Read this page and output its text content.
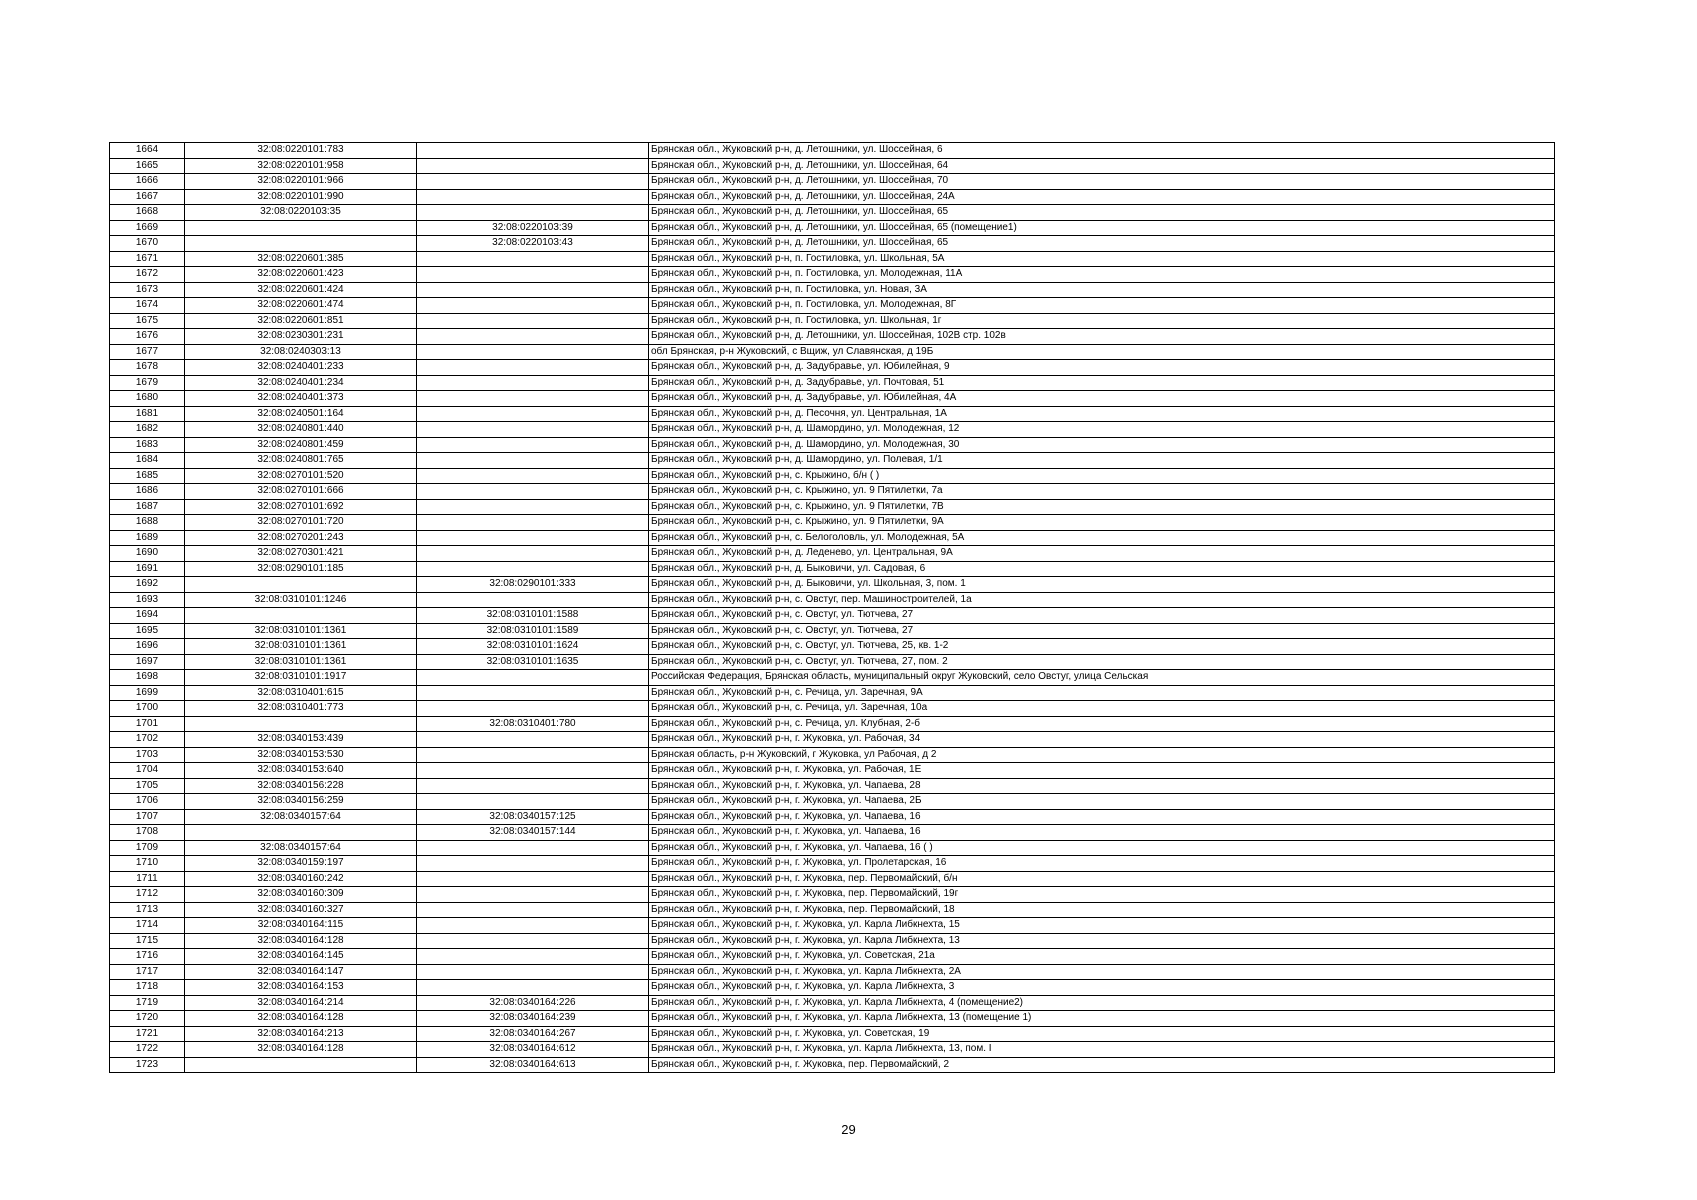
1664	32:08:0220101:783		Брянская обл., Жуковский р-н, д. Летошники, ул. Шоссейная, 6
1665	32:08:0220101:958		Брянская обл., Жуковский р-н, д. Летошники, ул. Шоссейная, 64
1666	32:08:0220101:966		Брянская обл., Жуковский р-н, д. Летошники, ул. Шоссейная, 70
1667	32:08:0220101:990		Брянская обл., Жуковский р-н, д. Летошники, ул. Шоссейная, 24А
1668	32:08:0220103:35		Брянская обл., Жуковский р-н, д. Летошники, ул. Шоссейная, 65
1669		32:08:0220103:39	Брянская обл., Жуковский р-н, д. Летошники, ул. Шоссейная, 65 (помещение1)
1670		32:08:0220103:43	Брянская обл., Жуковский р-н, д. Летошники, ул. Шоссейная, 65
1671	32:08:0220601:385		Брянская обл., Жуковский р-н, п. Гостиловка, ул. Школьная, 5А
1672	32:08:0220601:423		Брянская обл., Жуковский р-н, п. Гостиловка, ул. Молодежная, 11А
1673	32:08:0220601:424		Брянская обл., Жуковский р-н, п. Гостиловка, ул. Новая, 3А
1674	32:08:0220601:474		Брянская обл., Жуковский р-н, п. Гостиловка, ул. Молодежная, 8Г
1675	32:08:0220601:851		Брянская обл., Жуковский р-н, п. Гостиловка, ул. Школьная, 1г
1676	32:08:0230301:231		Брянская обл., Жуковский р-н, д. Летошники, ул. Шоссейная, 102В стр. 102в
1677	32:08:0240303:13		обл Брянская, р-н Жуковский, с Вщиж, ул Славянская, д 19Б
1678	32:08:0240401:233		Брянская обл., Жуковский р-н, д. Задубравье, ул. Юбилейная, 9
1679	32:08:0240401:234		Брянская обл., Жуковский р-н, д. Задубравье, ул. Почтовая, 51
1680	32:08:0240401:373		Брянская обл., Жуковский р-н, д. Задубравье, ул. Юбилейная, 4А
1681	32:08:0240501:164		Брянская обл., Жуковский р-н, д. Песочня, ул. Центральная, 1А
1682	32:08:0240801:440		Брянская обл., Жуковский р-н, д. Шамордино, ул. Молодежная, 12
1683	32:08:0240801:459		Брянская обл., Жуковский р-н, д. Шамордино, ул. Молодежная, 30
1684	32:08:0240801:765		Брянская обл., Жуковский р-н, д. Шамордино, ул. Полевая, 1/1
1685	32:08:0270101:520		Брянская обл., Жуковский р-н, с. Крыжино, б/н ( )
1686	32:08:0270101:666		Брянская обл., Жуковский р-н, с. Крыжино, ул. 9 Пятилетки, 7а
1687	32:08:0270101:692		Брянская обл., Жуковский р-н, с. Крыжино, ул. 9 Пятилетки, 7В
1688	32:08:0270101:720		Брянская обл., Жуковский р-н, с. Крыжино, ул. 9 Пятилетки, 9А
1689	32:08:0270201:243		Брянская обл., Жуковский р-н, с. Белоголовль, ул. Молодежная, 5А
1690	32:08:0270301:421		Брянская обл., Жуковский р-н, д. Леденево, ул. Центральная, 9А
1691	32:08:0290101:185		Брянская обл., Жуковский р-н, д. Быковичи, ул. Садовая, 6
1692		32:08:0290101:333	Брянская обл., Жуковский р-н, д. Быковичи, ул. Школьная, 3, пом. 1
1693	32:08:0310101:1246		Брянская обл., Жуковский р-н, с. Овстуг, пер. Машиностроителей, 1а
1694		32:08:0310101:1588	Брянская обл., Жуковский р-н, с. Овстуг, ул. Тютчева, 27
1695	32:08:0310101:1361	32:08:0310101:1589	Брянская обл., Жуковский р-н, с. Овстуг, ул. Тютчева, 27
1696	32:08:0310101:1361	32:08:0310101:1624	Брянская обл., Жуковский р-н, с. Овстуг, ул. Тютчева, 25, кв. 1-2
1697	32:08:0310101:1361	32:08:0310101:1635	Брянская обл., Жуковский р-н, с. Овстуг, ул. Тютчева, 27, пом. 2
1698	32:08:0310101:1917		Российская Федерация, Брянская область, муниципальный округ Жуковский, село Овстуг, улица Сельская
1699	32:08:0310401:615		Брянская обл., Жуковский р-н, с. Речица, ул. Заречная, 9А
1700	32:08:0310401:773		Брянская обл., Жуковский р-н, с. Речица, ул. Заречная, 10а
1701		32:08:0310401:780	Брянская обл., Жуковский р-н, с. Речица, ул. Клубная, 2-б
1702	32:08:0340153:439		Брянская обл., Жуковский р-н, г. Жуковка, ул. Рабочая, 34
1703	32:08:0340153:530		Брянская область, р-н Жуковский, г Жуковка, ул Рабочая, д 2
1704	32:08:0340153:640		Брянская обл., Жуковский р-н, г. Жуковка, ул. Рабочая, 1Е
1705	32:08:0340156:228		Брянская обл., Жуковский р-н, г. Жуковка, ул. Чапаева, 28
1706	32:08:0340156:259		Брянская обл., Жуковский р-н, г. Жуковка, ул. Чапаева, 2Б
1707	32:08:0340157:64	32:08:0340157:125	Брянская обл., Жуковский р-н, г. Жуковка, ул. Чапаева, 16
1708		32:08:0340157:144	Брянская обл., Жуковский р-н, г. Жуковка, ул. Чапаева, 16
1709	32:08:0340157:64		Брянская обл., Жуковский р-н, г. Жуковка, ул. Чапаева, 16 ( )
1710	32:08:0340159:197		Брянская обл., Жуковский р-н, г. Жуковка, ул. Пролетарская, 16
1711	32:08:0340160:242		Брянская обл., Жуковский р-н, г. Жуковка, пер. Первомайский, б/н
1712	32:08:0340160:309		Брянская обл., Жуковский р-н, г. Жуковка, пер. Первомайский, 19г
1713	32:08:0340160:327		Брянская обл., Жуковский р-н, г. Жуковка, пер. Первомайский, 18
1714	32:08:0340164:115		Брянская обл., Жуковский р-н, г. Жуковка, ул. Карла Либкнехта, 15
1715	32:08:0340164:128		Брянская обл., Жуковский р-н, г. Жуковка, ул. Карла Либкнехта, 13
1716	32:08:0340164:145		Брянская обл., Жуковский р-н, г. Жуковка, ул. Советская, 21а
1717	32:08:0340164:147		Брянская обл., Жуковский р-н, г. Жуковка, ул. Карла Либкнехта, 2А
1718	32:08:0340164:153		Брянская обл., Жуковский р-н, г. Жуковка, ул. Карла Либкнехта, 3
1719	32:08:0340164:214	32:08:0340164:226	Брянская обл., Жуковский р-н, г. Жуковка, ул. Карла Либкнехта, 4 (помещение2)
1720	32:08:0340164:128	32:08:0340164:239	Брянская обл., Жуковский р-н, г. Жуковка, ул. Карла Либкнехта, 13 (помещение 1)
1721	32:08:0340164:213	32:08:0340164:267	Брянская обл., Жуковский р-н, г. Жуковка, ул. Советская, 19
1722	32:08:0340164:128	32:08:0340164:612	Брянская обл., Жуковский р-н, г. Жуковка, ул. Карла Либкнехта, 13, пом. I
1723		32:08:0340164:613	Брянская обл., Жуковский р-н, г. Жуковка, пер. Первомайский, 2
29
